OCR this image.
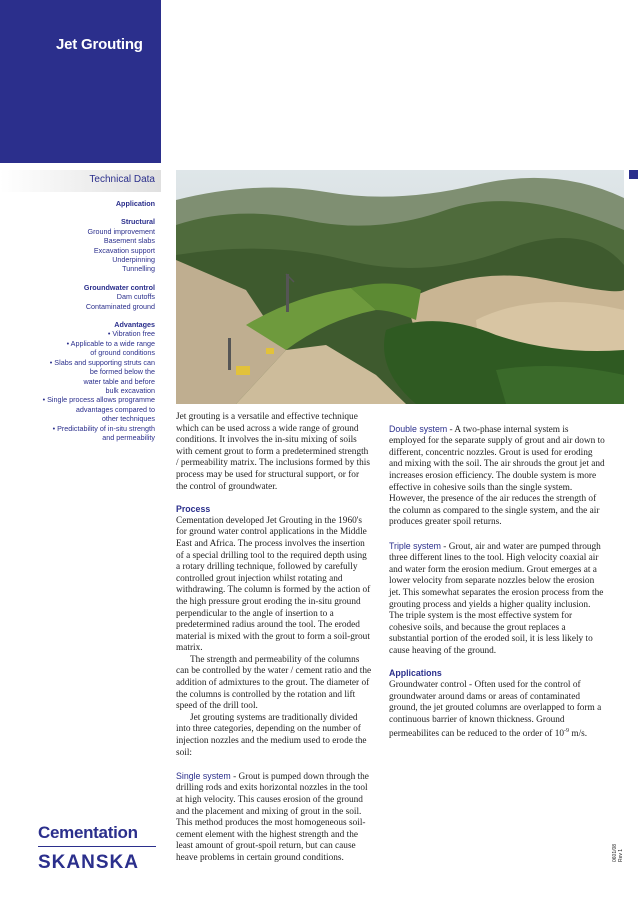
Jet Grouting
Technical Data
Application
Structural
Ground improvement
Basement slabs
Excavation support
Underpinning
Tunnelling
Groundwater control
Dam cutoffs
Contaminated ground
Advantages
• Vibration free
• Applicable to a wide range
of ground conditions
• Slabs and supporting struts can
be formed below the
water table and before
bulk excavation
• Single process allows programme
advantages compared to
other techniques
• Predictability of in-situ strength
and permeability

Jet grouting is a versatile and effective technique which can be used across a wide range of ground conditions. It involves the in-situ mixing of soils with cement grout to form a predetermined strength / permeability matrix. The inclusions formed by this process may be used for structural support, or for the control of groundwater.

Process

Cementation developed Jet Grouting in the 1960's for ground water control applications in the Middle East and Africa. The process involves the insertion of a special drilling tool to the required depth using a rotary drilling technique, followed by carefully controlled grout injection whilst rotating and withdrawing. The column is formed by the action of the high pressure grout eroding the in-situ ground perpendicular to the angle of insertion to a predetermined radius around the tool. The eroded material is mixed with the grout to form a soil-grout matrix.

The strength and permeability of the columns can be controlled by the water / cement ratio and the addition of admixtures to the grout. The diameter of the columns is controlled by the rotation and lift speed of the drill tool.

Jet grouting systems are traditionally divided into three categories, depending on the number of injection nozzles and the medium used to erode the soil:

Single system - Grout is pumped down through the drilling rods and exits horizontal nozzles in the tool at high velocity. This causes erosion of the ground and the placement and mixing of grout in the soil. This method produces the most homogeneous soil-cement element with the highest strength and the least amount of grout-spoil return, but can cause heave problems in certain ground conditions.

Double system - A two-phase internal system is employed for the separate supply of grout and air down to different, concentric nozzles. Grout is used for eroding and mixing with the soil. The air shrouds the grout jet and increases erosion efficiency. The double system is more effective in cohesive soils than the single system. However, the presence of the air reduces the strength of the column as compared to the single system, and the air produces greater spoil returns.

Triple system - Grout, air and water are pumped through three different lines to the tool. High velocity coaxial air and water form the erosion medium. Grout emerges at a lower velocity from separate nozzles below the erosion jet. This somewhat separates the erosion process from the grouting process and yields a higher quality inclusion. The triple system is the most effective system for cohesive soils, and because the grout replaces a substantial portion of the eroded soil, it is less likely to cause heaving of the ground.

Applications

Groundwater control - Often used for the control of groundwater around dams or areas of contaminated ground, the jet grouted columns are overlapped to form a continuous barrier of known thickness. Ground permeabilites can be reduced to the order of $10^{-9}$ m/s.

Cementation
SKANSKA	0601/08 Rev 1
